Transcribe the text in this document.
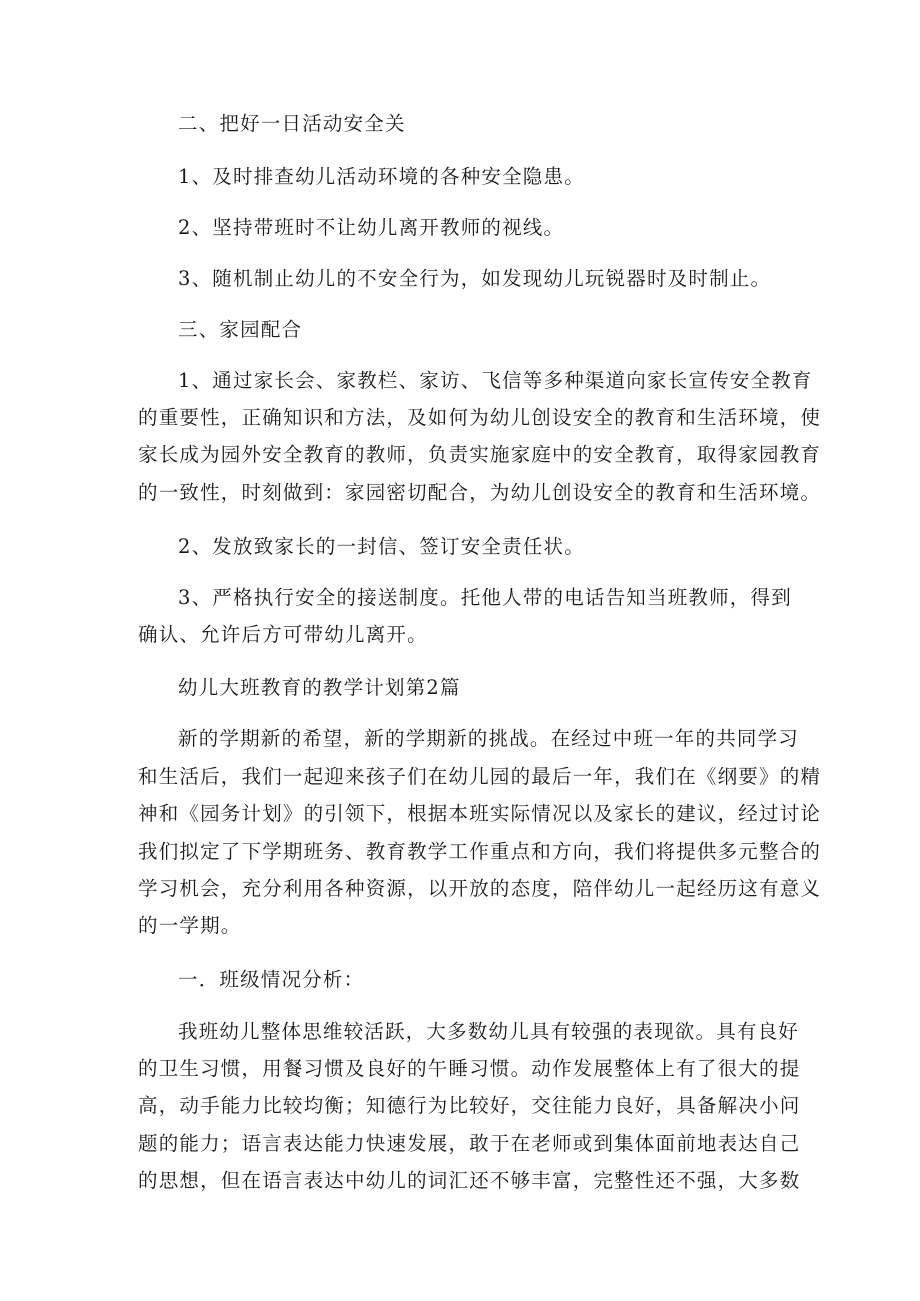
二、把好一日活动安全关
1、及时排查幼儿活动环境的各种安全隐患。
2、坚持带班时不让幼儿离开教师的视线。
3、随机制止幼儿的不安全行为，如发现幼儿玩锐器时及时制止。
三、家园配合
1、通过家长会、家教栏、家访、飞信等多种渠道向家长宣传安全教育
的重要性，正确知识和方法，及如何为幼儿创设安全的教育和生活环境，使
家长成为园外安全教育的教师，负责实施家庭中的安全教育，取得家园教育
的一致性，时刻做到：家园密切配合，为幼儿创设安全的教育和生活环境。
2、发放致家长的一封信、签订安全责任状。
3、严格执行安全的接送制度。托他人带的电话告知当班教师，得到
确认、允许后方可带幼儿离开。
幼儿大班教育的教学计划第2篇
新的学期新的希望，新的学期新的挑战。在经过中班一年的共同学习
和生活后，我们一起迎来孩子们在幼儿园的最后一年，我们在《纲要》的精
神和《园务计划》的引领下，根据本班实际情况以及家长的建议，经过讨论
我们拟定了下学期班务、教育教学工作重点和方向，我们将提供多元整合的
学习机会，充分利用各种资源，以开放的态度，陪伴幼儿一起经历这有意义
的一学期。
一．班级情况分析：
我班幼儿整体思维较活跃，大多数幼儿具有较强的表现欲。具有良好
的卫生习惯，用餐习惯及良好的午睡习惯。动作发展整体上有了很大的提
高，动手能力比较均衡；知德行为比较好，交往能力良好，具备解决小问
题的能力；语言表达能力快速发展，敢于在老师或到集体面前地表达自己
的思想，但在语言表达中幼儿的词汇还不够丰富，完整性还不强，大多数
